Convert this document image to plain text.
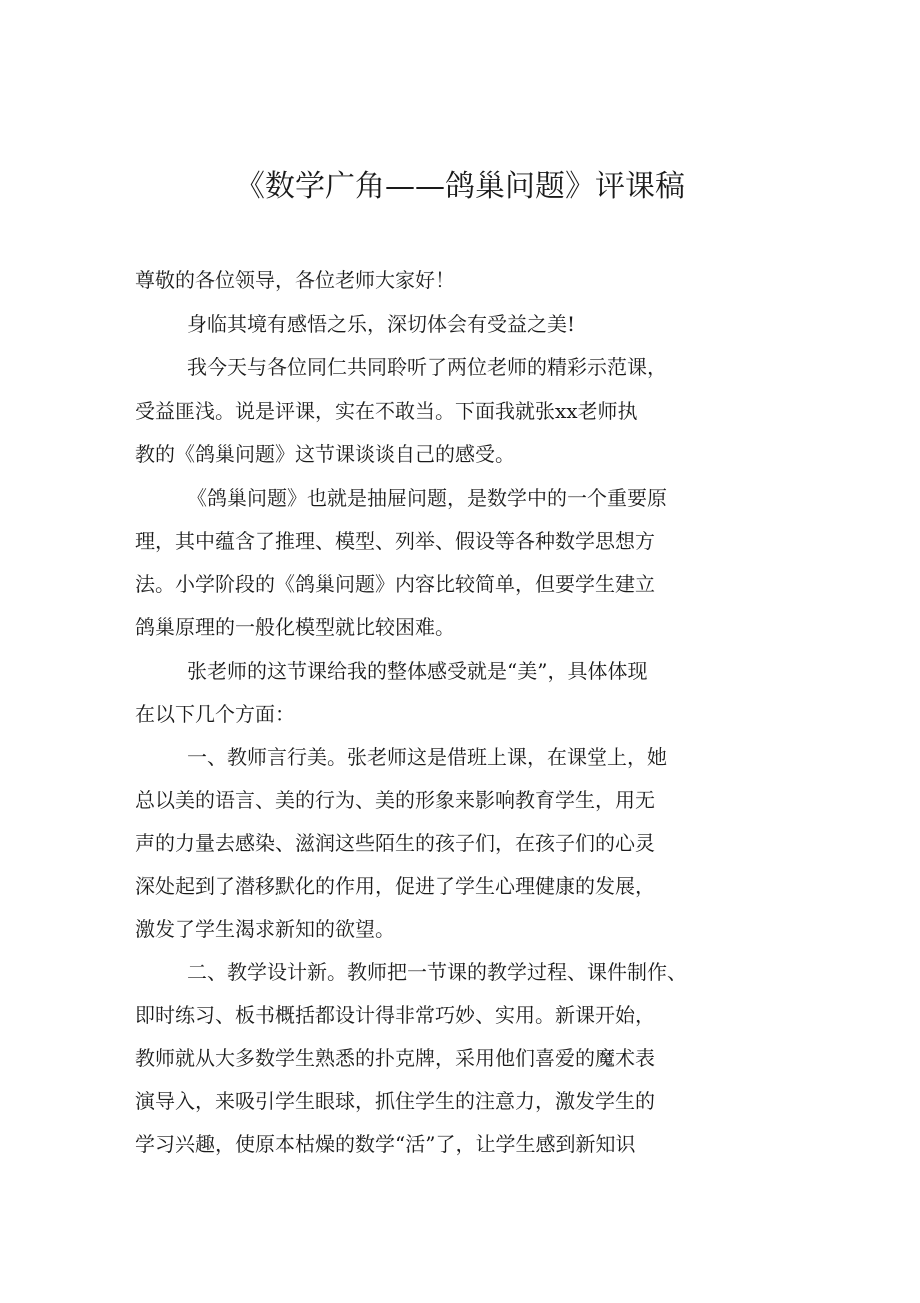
《数学广角——鸽巢问题》评课稿

尊敬的各位领导，各位老师大家好！

身临其境有感悟之乐，深切体会有受益之美!

我今天与各位同仁共同聆听了两位老师的精彩示范课，

受益匪浅。说是评课，实在不敢当。下面我就张xx老师执

教的《鸽巢问题》这节课谈谈自己的感受。

《鸽巢问题》也就是抽屉问题，是数学中的一个重要原

理，其中蕴含了推理、模型、列举、假设等各种数学思想方

法。小学阶段的《鸽巢问题》内容比较简单，但要学生建立

鸽巢原理的一般化模型就比较困难。

张老师的这节课给我的整体感受就是“美”，具体体现

在以下几个方面：

一、教师言行美。张老师这是借班上课，在课堂上，她

总以美的语言、美的行为、美的形象来影响教育学生，用无

声的力量去感染、滋润这些陌生的孩子们，在孩子们的心灵

深处起到了潜移默化的作用，促进了学生心理健康的发展，

激发了学生渴求新知的欲望。

二、教学设计新。教师把一节课的教学过程、课件制作、

即时练习、板书概括都设计得非常巧妙、实用。新课开始，

教师就从大多数学生熟悉的扑克牌，采用他们喜爱的魔术表

演导入，来吸引学生眼球，抓住学生的注意力，激发学生的

学习兴趣，使原本枯燥的数学“活”了，让学生感到新知识
